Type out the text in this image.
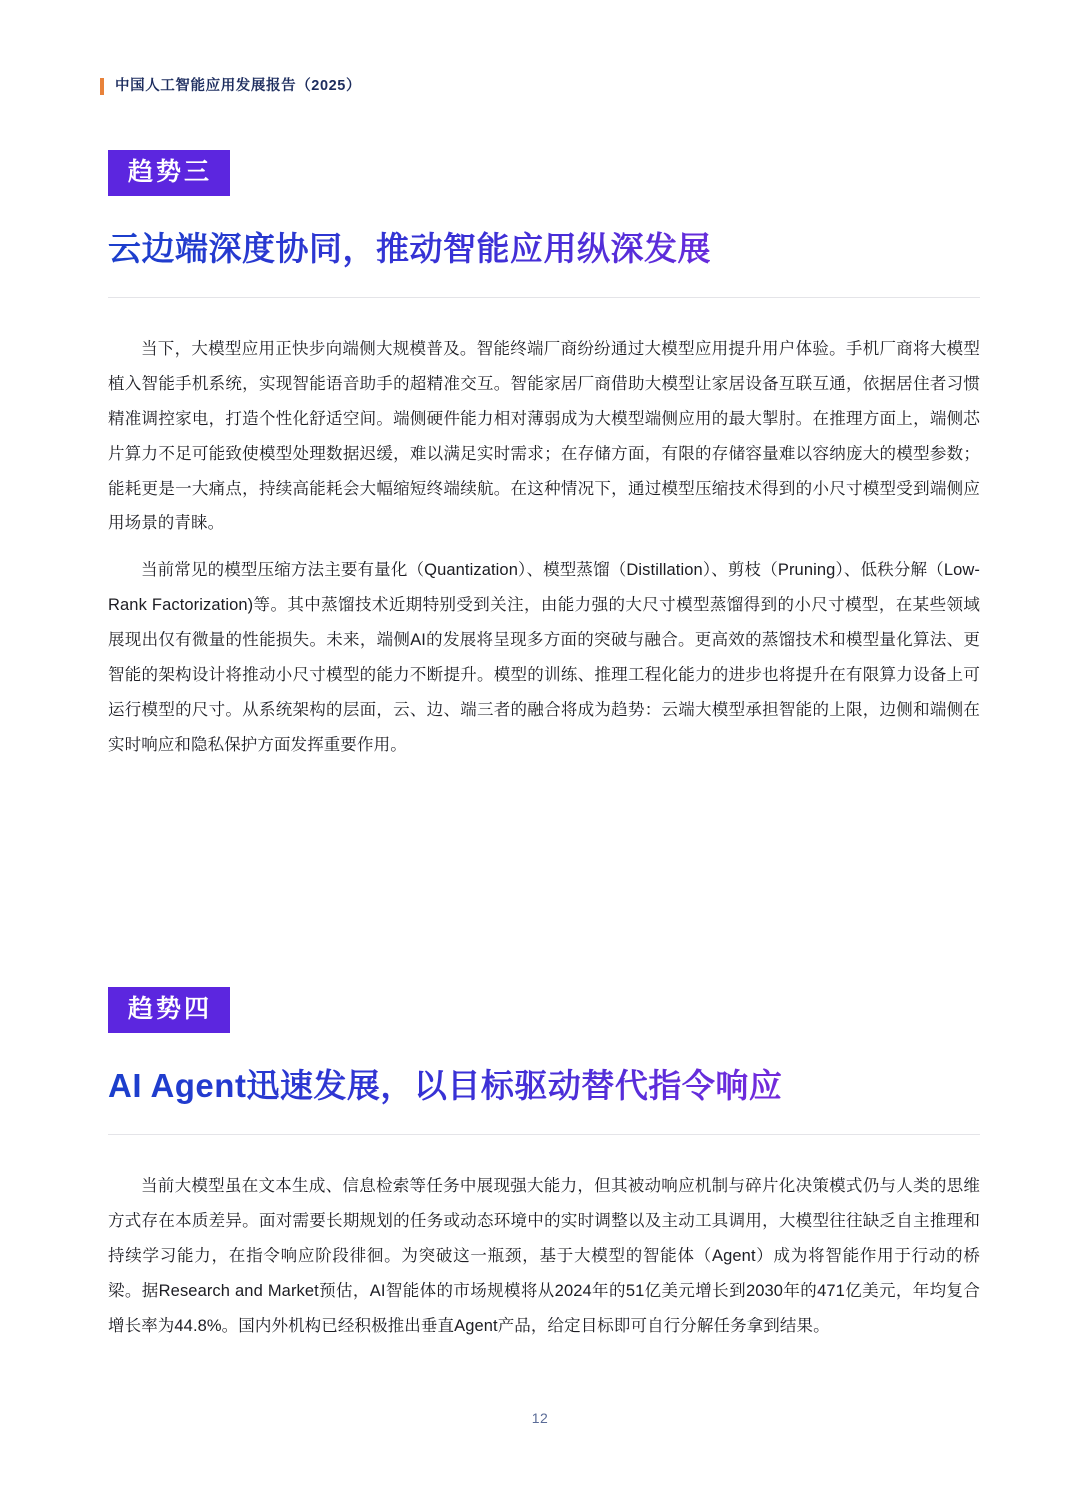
中国人工智能应用发展报告（2025）
趋势三
云边端深度协同，推动智能应用纵深发展

当下，大模型应用正快步向端侧大规模普及。智能终端厂商纷纷通过大模型应用提升用户体验。手机厂商将大模型植入智能手机系统，实现智能语音助手的超精准交互。智能家居厂商借助大模型让家居设备互联互通，依据居住者习惯精准调控家电，打造个性化舒适空间。端侧硬件能力相对薄弱成为大模型端侧应用的最大掣肘。在推理方面上，端侧芯片算力不足可能致使模型处理数据迟缓，难以满足实时需求；在存储方面，有限的存储容量难以容纳庞大的模型参数；能耗更是一大痛点，持续高能耗会大幅缩短终端续航。在这种情况下，通过模型压缩技术得到的小尺寸模型受到端侧应用场景的青睐。

当前常见的模型压缩方法主要有量化（Quantization）、模型蒸馏（Distillation）、剪枝（Pruning）、低秩分解（Low-Rank Factorization)等。其中蒸馏技术近期特别受到关注，由能力强的大尺寸模型蒸馏得到的小尺寸模型，在某些领域展现出仅有微量的性能损失。未来，端侧AI的发展将呈现多方面的突破与融合。更高效的蒸馏技术和模型量化算法、更智能的架构设计将推动小尺寸模型的能力不断提升。模型的训练、推理工程化能力的进步也将提升在有限算力设备上可运行模型的尺寸。从系统架构的层面，云、边、端三者的融合将成为趋势：云端大模型承担智能的上限，边侧和端侧在实时响应和隐私保护方面发挥重要作用。

趋势四
AI Agent迅速发展，以目标驱动替代指令响应

当前大模型虽在文本生成、信息检索等任务中展现强大能力，但其被动响应机制与碎片化决策模式仍与人类的思维方式存在本质差异。面对需要长期规划的任务或动态环境中的实时调整以及主动工具调用，大模型往往缺乏自主推理和持续学习能力，在指令响应阶段徘徊。为突破这一瓶颈，基于大模型的智能体（Agent）成为将智能作用于行动的桥梁。据Research and Market预估，AI智能体的市场规模将从2024年的51亿美元增长到2030年的471亿美元，年均复合增长率为44.8%。国内外机构已经积极推出垂直Agent产品，给定目标即可自行分解任务拿到结果。

12
